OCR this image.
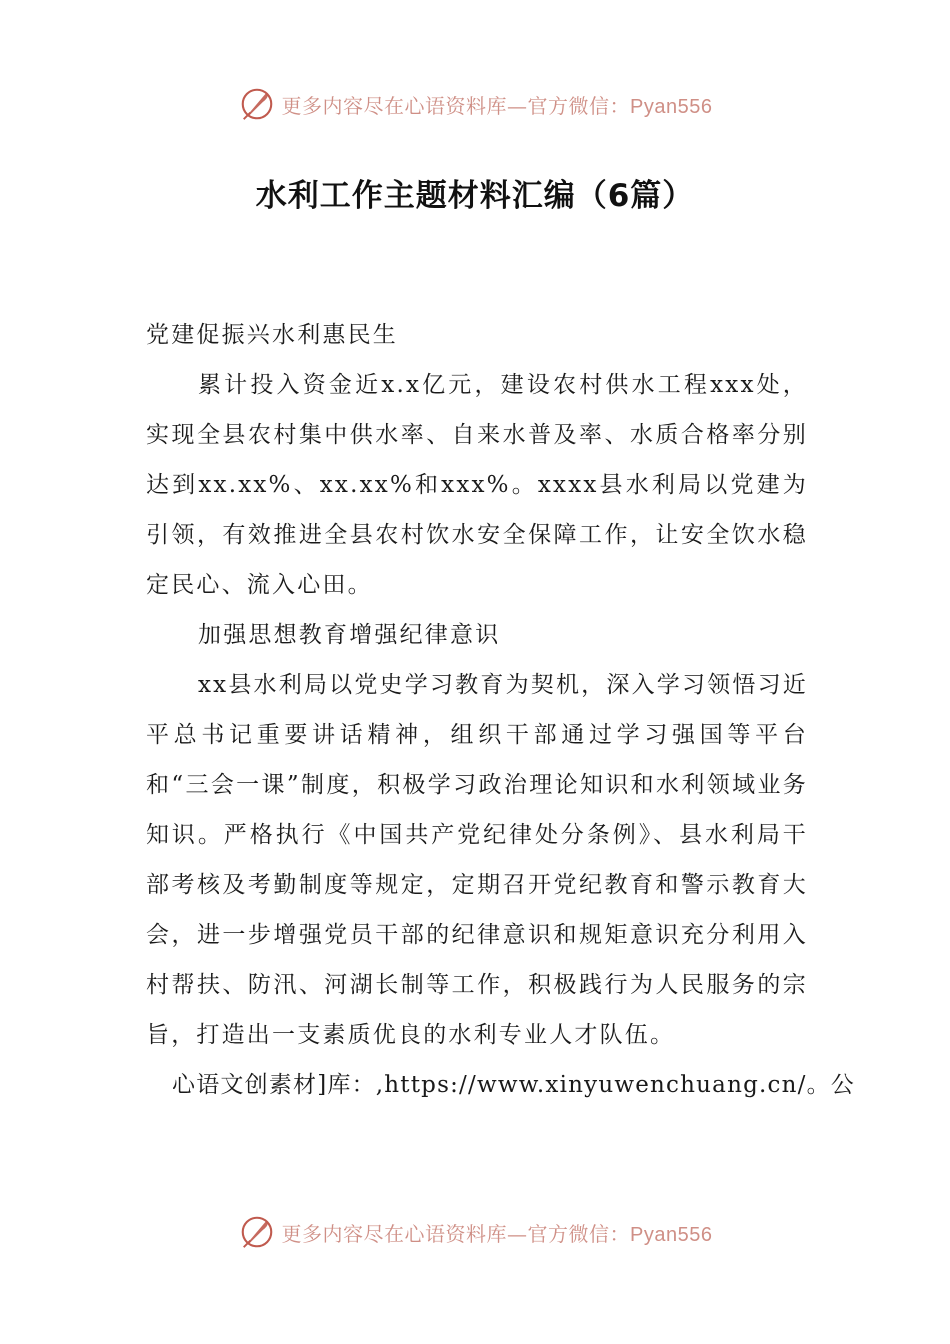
更多内容尽在心语资料库—官方微信：Pyan556
水利工作主题材料汇编（6篇）

党建促振兴水利惠民生

累计投入资金近x.x亿元，建设农村供水工程xxx处，实现全县农村集中供水率、自来水普及率、水质合格率分别达到xx.xx%、xx.xx%和xxx%。xxxx县水利局以党建为引领，有效推进全县农村饮水安全保障工作，让安全饮水稳定民心、流入心田。

加强思想教育增强纪律意识

xx县水利局以党史学习教育为契机，深入学习领悟习近平总书记重要讲话精神，组织干部通过学习强国等平台和“三会一课”制度，积极学习政治理论知识和水利领域业务知识。严格执行《中国共产党纪律处分条例》、县水利局干部考核及考勤制度等规定，定期召开党纪教育和警示教育大会，进一步增强党员干部的纪律意识和规矩意识充分利用入村帮扶、防汛、河湖长制等工作，积极践行为人民服务的宗旨，打造出一支素质优良的水利专业人才队伍。

心语文创素材]库：,https://www.xinyuwenchuang.cn/。公

更多内容尽在心语资料库—官方微信：Pyan556
